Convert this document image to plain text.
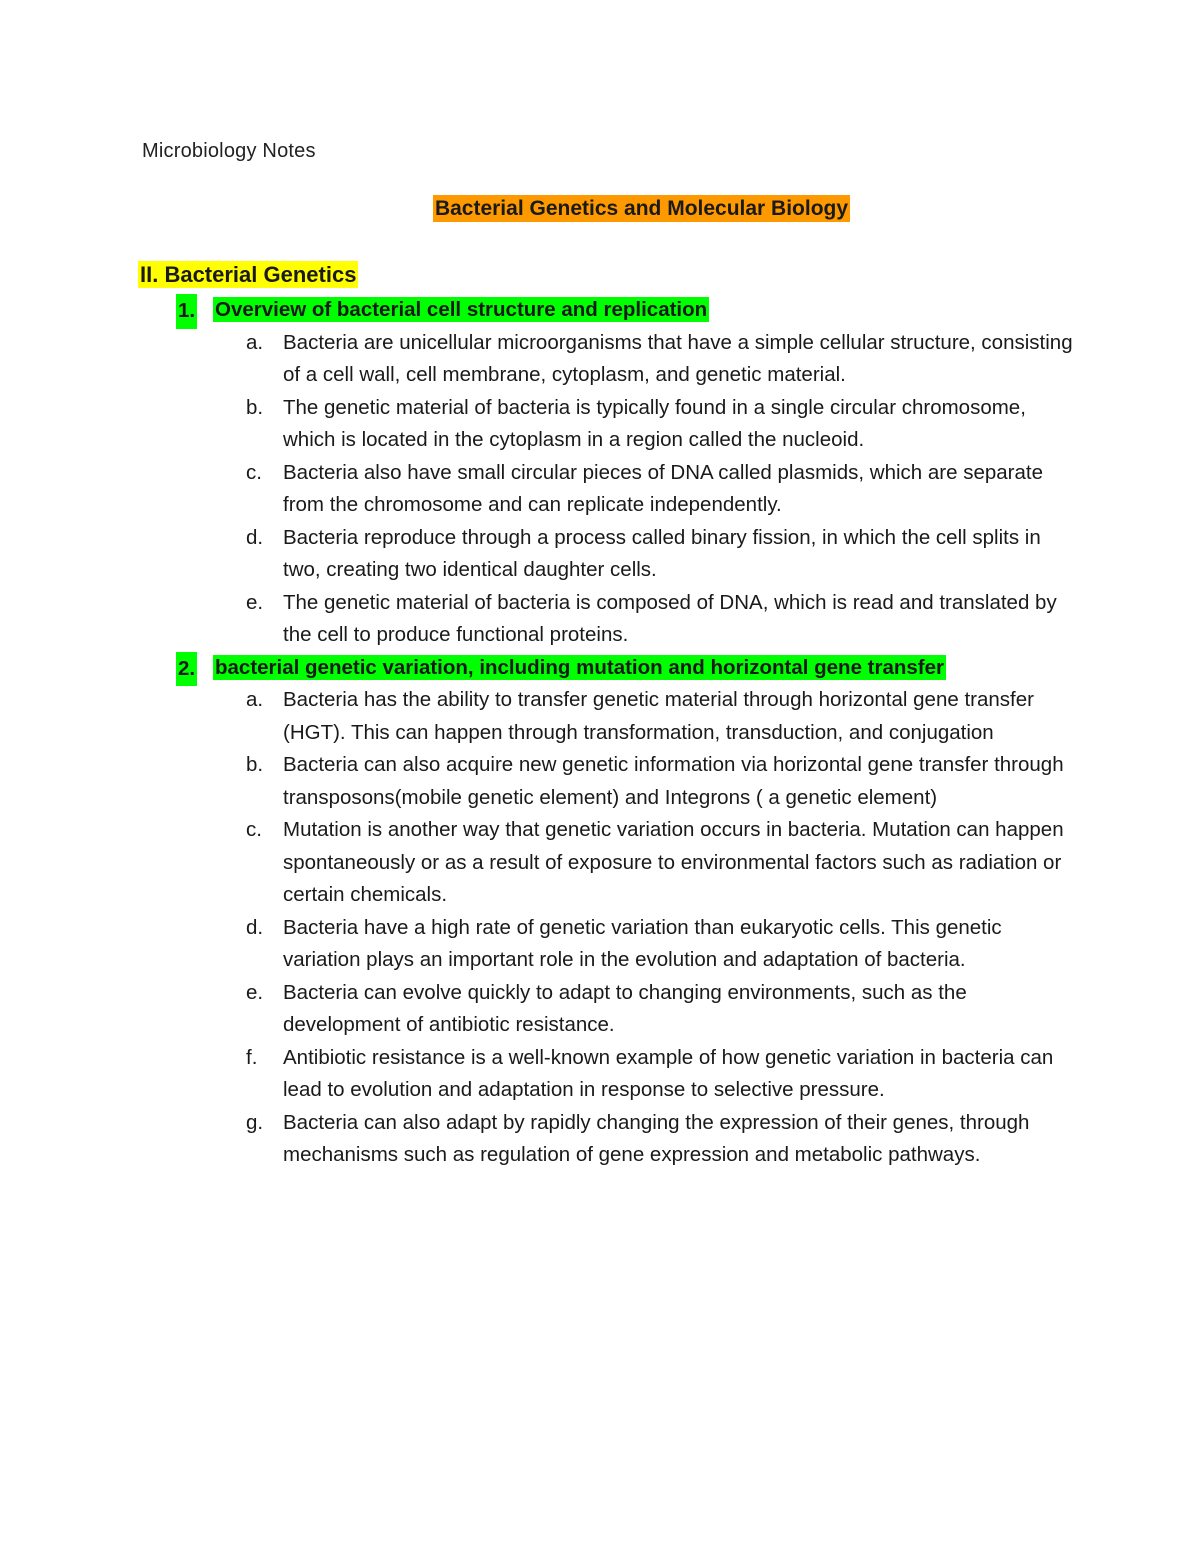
Microbiology Notes
Bacterial Genetics and Molecular Biology
II. Bacterial Genetics
1. Overview of bacterial cell structure and replication
a. Bacteria are unicellular microorganisms that have a simple cellular structure, consisting of a cell wall, cell membrane, cytoplasm, and genetic material.
b. The genetic material of bacteria is typically found in a single circular chromosome, which is located in the cytoplasm in a region called the nucleoid.
c. Bacteria also have small circular pieces of DNA called plasmids, which are separate from the chromosome and can replicate independently.
d. Bacteria reproduce through a process called binary fission, in which the cell splits in two, creating two identical daughter cells.
e. The genetic material of bacteria is composed of DNA, which is read and translated by the cell to produce functional proteins.
2. bacterial genetic variation, including mutation and horizontal gene transfer
a. Bacteria has the ability to transfer genetic material through horizontal gene transfer (HGT). This can happen through transformation, transduction, and conjugation
b. Bacteria can also acquire new genetic information via horizontal gene transfer through transposons(mobile genetic element) and Integrons ( a genetic element)
c. Mutation is another way that genetic variation occurs in bacteria. Mutation can happen spontaneously or as a result of exposure to environmental factors such as radiation or certain chemicals.
d. Bacteria have a high rate of genetic variation than eukaryotic cells. This genetic variation plays an important role in the evolution and adaptation of bacteria.
e. Bacteria can evolve quickly to adapt to changing environments, such as the development of antibiotic resistance.
f. Antibiotic resistance is a well-known example of how genetic variation in bacteria can lead to evolution and adaptation in response to selective pressure.
g. Bacteria can also adapt by rapidly changing the expression of their genes, through mechanisms such as regulation of gene expression and metabolic pathways.
